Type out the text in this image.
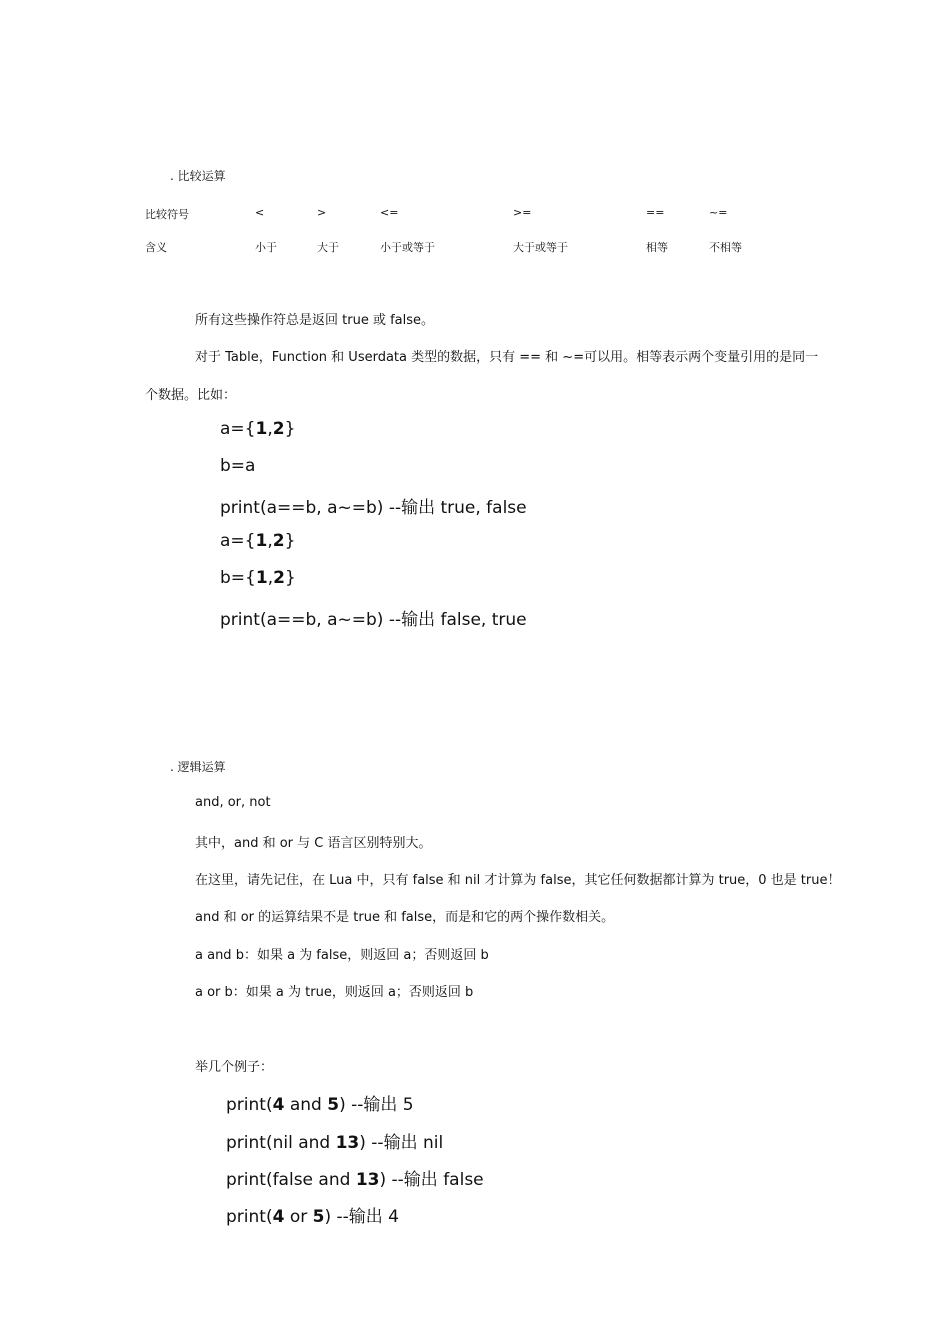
. 比较运算
比较符号	<	>	<=	>=	==	~=
含义	小于	大于	小于或等于	大于或等于	相等	不相等
所有这些操作符总是返回 true 或 false。
对于 Table，Function 和 Userdata 类型的数据，只有 == 和 ~=可以用。相等表示两个变量引用的是同一
个数据。比如：
a={1,2}
b=a
print(a==b, a~=b) --输出 true, false
a={1,2}
b={1,2}
print(a==b, a~=b) --输出 false, true
. 逻辑运算
and, or, not
其中，and 和 or 与 C 语言区别特别大。
在这里，请先记住，在 Lua 中，只有 false 和 nil 才计算为 false，其它任何数据都计算为 true，0 也是 true！
and 和 or 的运算结果不是 true 和 false，而是和它的两个操作数相关。
a and b：如果 a 为 false，则返回 a；否则返回 b
a or b：如果 a 为 true，则返回 a；否则返回 b
举几个例子：
print(4 and 5) --输出 5
print(nil and 13) --输出 nil
print(false and 13) --输出 false
print(4 or 5) --输出 4
